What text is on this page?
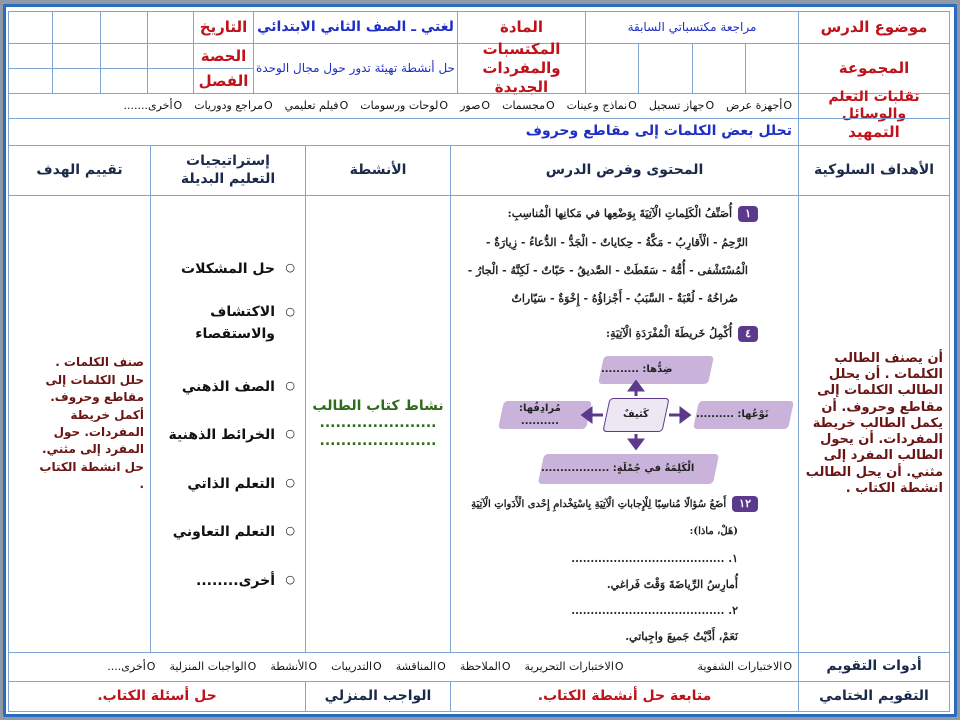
موضوع الدرس
مراجعة مكتسباتي السابقة
المادة
لغتي ـ الصف الثاني الابتدائي
التاريخ
المجموعة
المكتسبات والمفردات الجديدة
حل أنشطة تهيئة تدور حول مجال الوحدة
الحصة
الفصل
تقلبات التعلم والوسائل
O أجهزة عرض
O جهاز تسجيل
O نماذج وعينات
O مجسمات
O صور
O لوحات ورسومات
O فيلم تعليمي
O مراجع ودوريات
O أخرى.......
التمهيد
تحلل بعض الكلمات إلى مقاطع وحروف
الأهداف السلوكية
المحتوى وفرض الدرس
الأنشطة
إستراتيجيات التعليم البديلة
تقييم الهدف
أن يصنف الطالب الكلمات . أن يحلل الطالب الكلمات إلى مقاطع وحروف. أن يكمل الطالب خريطة المفردات. أن يحول الطالب المفرد إلى مثني. أن يحل الطالب انشطة الكتاب .
١أُصَنِّفُ الْكَلِماتِ الْآتِيَةَ بِوَضْعِها في مَكانِها الْمُناسِبِ:
الرَّحِمُ - الْأَقارِبُ - مَكَّةُ - حِكاياتٌ - الْجَدُّ - الدُّعاءُ - زِيارَةٌ -
الْمُسْتَشْفى - أُمُّهُ - سَقَطَتْ - الصَّديقُ - حَبّاتٌ - لَكِنَّهُ - الْجارُ -
صُراخُهُ - لُعْبَةٌ - السَّبَبُ - أَجْزاؤُهُ - إِخْوَةٌ - سَيّاراتٌ
٤أُكْمِلُ خَريطَةَ الْمُفْرَدَةِ الْآتِيَةِ:
ضِدُّها: ..........
نَوْعُها: ..........
مُرادِفُها: ..........
كَثيفٌ
الْكَلِمَةُ في جُمْلَةٍ: ..................
١٢أَضَعُ سُؤالًا مُناسِبًا لِلْإِجاباتِ الْآتِيَةِ بِاسْتِخْدامِ إِحْدى الْأَدَواتِ الْآتِيَةِ
(هَلْ، ماذا):
١. ........................................
أُمارِسُ الرِّياضَةَ وَقْتَ فَراغي.
٢. ........................................
نَعَمْ، أَدَّيْتُ جَميعَ واجِباتي.
نشاط كتاب الطالب
......................
......................
○
حل المشكلات
○
الاكتشاف والاستقصاء
○
الصف الذهني
○
الخرائط الذهنية
○
التعلم الذاتي
○
التعلم التعاوني
○
أخرى........
صنف الكلمات . حلل الكلمات إلى مقاطع وحروف. أكمل خريطة المفردات. حول المفرد إلى مثني. حل انشطة الكتاب .
أدوات التقويم
O الاختبارات الشفوية
O الاختبارات التحريرية
O الملاحظة
O المناقشة
O التدريبات
O الأنشطة
O الواجبات المنزلية
O أخرى....
التقويم الختامي
متابعة حل أنشطة الكتاب.
الواجب المنزلي
حل أسئلة الكتاب.
